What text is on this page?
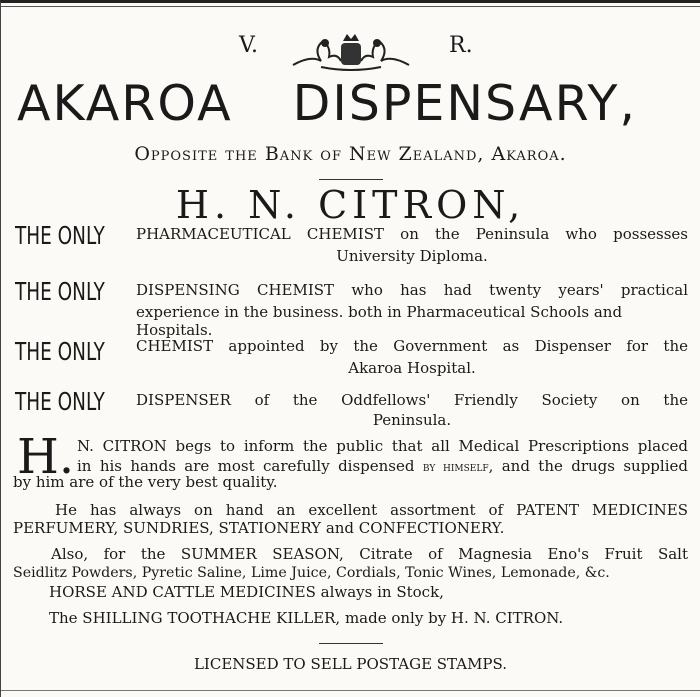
V.	R.
AKAROA DISPENSARY,
Opposite the Bank of New Zealand, Akaroa.
H. N. CITRON,
THE ONLY PHARMACEUTICAL CHEMIST on the Peninsula who possesses
University Diploma.
THE ONLY DISPENSING CHEMIST who has had twenty years' practical
experience in the business. both in Pharmaceutical Schools and Hospitals.
THE ONLY CHEMIST appointed by the Government as Dispenser for the
Akaroa Hospital.
THE ONLY DISPENSER of the Oddfellows' Friendly Society on the
Peninsula.
H. N. CITRON begs to inform the public that all Medical Prescriptions placed
in his hands are most carefully dispensed by himself, and the drugs supplied
by him are of the very best quality.
He has always on hand an excellent assortment of PATENT MEDICINES
PERFUMERY, SUNDRIES, STATIONERY and CONFECTIONERY.
Also, for the SUMMER SEASON, Citrate of Magnesia Eno's Fruit Salt
Seidlitz Powders, Pyretic Saline, Lime Juice, Cordials, Tonic Wines, Lemonade, &c.
HORSE AND CATTLE MEDICINES always in Stock,
The SHILLING TOOTHACHE KILLER, made only by H. N. CITRON.
LICENSED TO SELL POSTAGE STAMPS.
